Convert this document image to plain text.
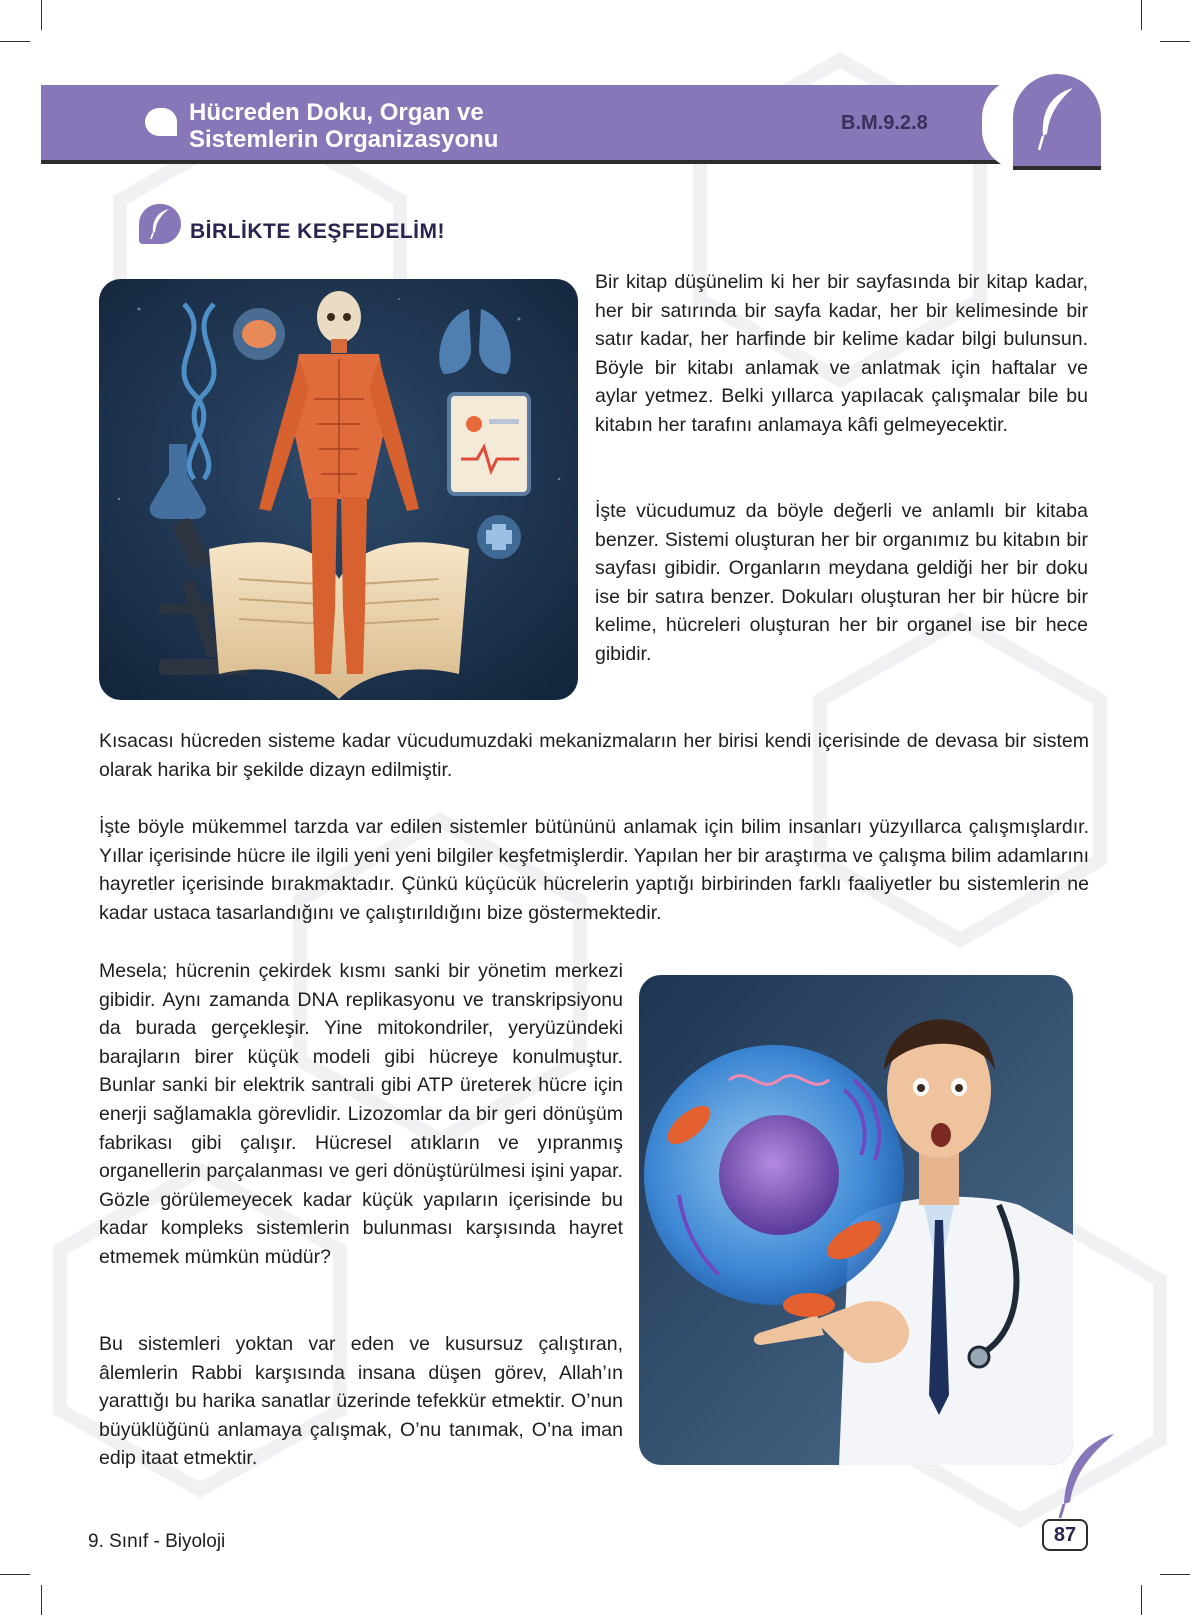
Hücreden Doku, Organ ve
Sistemlerin Organizasyonu
B.M.9.2.8
BİRLİKTE KEŞFEDELİM!

Bir kitap düşünelim ki her bir sayfasında bir kitap kadar, her bir satırında bir sayfa kadar, her bir kelimesinde bir satır kadar, her harfinde bir kelime kadar bilgi bulunsun. Böyle bir kitabı anlamak ve anlatmak için haftalar ve aylar yetmez. Belki yıllarca yapılacak çalışmalar bile bu kitabın her tarafını anlamaya kâfi gelmeyecektir.

İşte vücudumuz da böyle değerli ve anlamlı bir kitaba benzer. Sistemi oluşturan her bir organımız bu kitabın bir sayfası gibidir. Organların meydana geldiği her bir doku ise bir satıra benzer. Dokuları oluşturan her bir hücre bir kelime, hücreleri oluşturan her bir organel ise bir hece gibidir.

Kısacası hücreden sisteme kadar vücudumuzdaki mekanizmaların her birisi kendi içerisinde de devasa bir sistem olarak harika bir şekilde dizayn edilmiştir.

İşte böyle mükemmel tarzda var edilen sistemler bütününü anlamak için bilim insanları yüzyıllarca çalışmışlardır. Yıllar içerisinde hücre ile ilgili yeni yeni bilgiler keşfetmişlerdir. Yapılan her bir araştırma ve çalışma bilim adamlarını hayretler içerisinde bırakmaktadır. Çünkü küçücük hücrelerin yaptığı birbirinden farklı faaliyetler bu sistemlerin ne kadar ustaca tasarlandığını ve çalıştırıldığını bize göstermektedir.

Mesela; hücrenin çekirdek kısmı sanki bir yönetim merkezi gibidir. Aynı zamanda DNA replikasyonu ve transkripsiyonu da burada gerçekleşir. Yine mitokondriler, yeryüzündeki barajların birer küçük modeli gibi hücreye konulmuştur. Bunlar sanki bir elektrik santrali gibi ATP üreterek hücre için enerji sağlamakla görevlidir. Lizozomlar da bir geri dönüşüm fabrikası gibi çalışır. Hücresel atıkların ve yıpranmış organellerin parçalanması ve geri dönüştürülmesi işini yapar. Gözle görülemeyecek kadar küçük yapıların içerisinde bu kadar kompleks sistemlerin bulunması karşısında hayret etmemek mümkün müdür?

Bu sistemleri yoktan var eden ve kusursuz çalıştıran, âlemlerin Rabbi karşısında insana düşen görev, Allah’ın yarattığı bu harika sanatlar üzerinde tefekkür etmektir. O’nun büyüklüğünü anlamaya çalışmak, O’nu tanımak, O’na iman edip itaat etmektir.

9. Sınıf - Biyoloji	87
